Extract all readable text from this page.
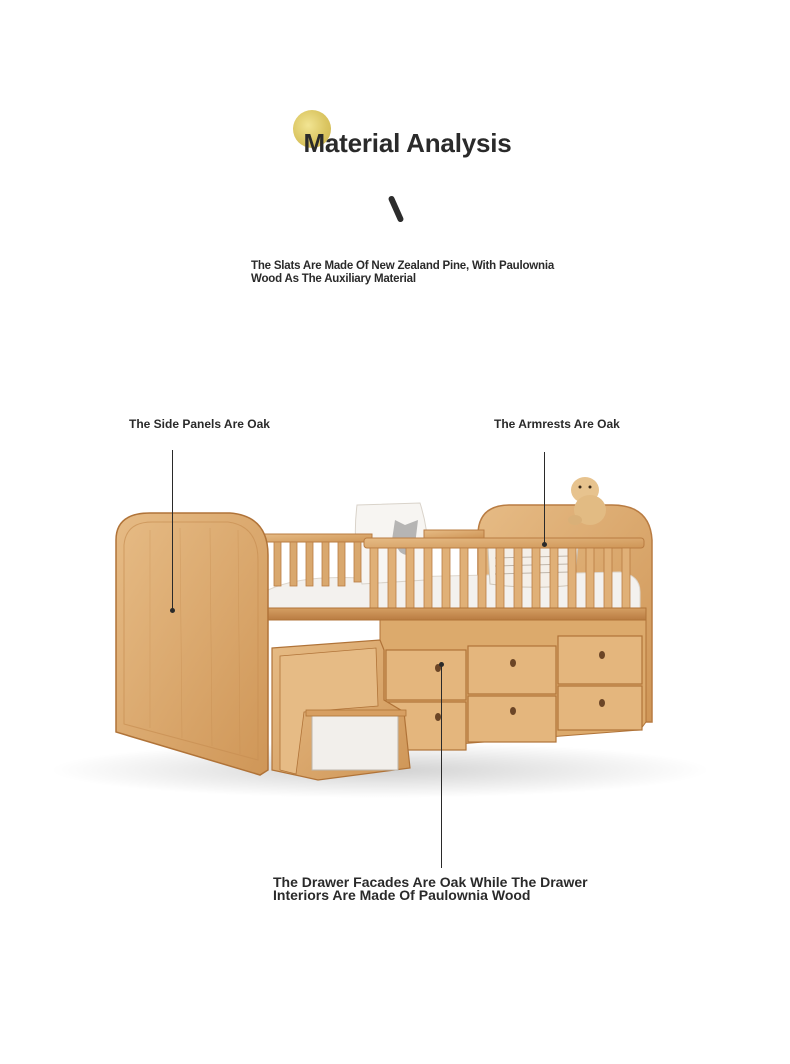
Material Analysis
The Slats Are Made Of New Zealand Pine, With Paulownia Wood As The Auxiliary Material
The Side Panels Are Oak	The Armrests Are Oak
The Drawer Facades Are Oak While The Drawer Interiors Are Made Of Paulownia Wood
